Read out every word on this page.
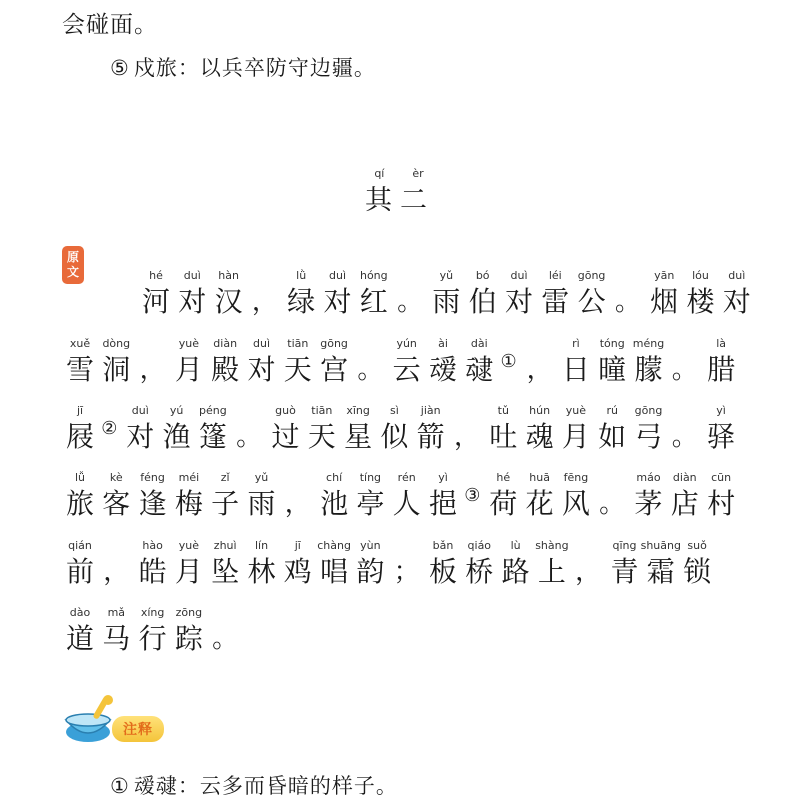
会碰面。
⑤ 戍旅：以兵卒防守边疆。
qí	èr
其二
原
文	hé
河
duì
对
hàn
汉 ，
lǜ
绿
duì
对
hóng
红 。
yǔ
雨
bó
伯
duì
对
léi
雷
gōng
公 。
yān
烟
lóu
楼
duì
对
xuě
雪
dòng
洞 ，
yuè
月
diàn
殿
duì
对
tiān
天
gōng
宫 。
yún
云
ài
叆
dài
叇 ① ，
rì
日
tóng
曈
méng
朦 。
là
腊
jī
屐 ②
duì
对
yú
渔
péng
篷 。
guò
过
tiān
天
xīng
星
sì
似
jiàn
箭 ，
tǔ
吐
hún
魂
yuè
月
rú
如
gōng
弓 。
yì
驿
lǚ
旅
kè
客
féng
逢
méi
梅
zǐ
子
yǔ
雨 ，
chí
池
tíng
亭
rén
人
yì
挹 ③
hé
荷
huā
花
fēng
风 。
máo
茅
diàn
店
cūn
村
qián
前 ，
hào
皓
yuè
月
zhuì
坠
lín
林
jī
鸡
chàng
唱
yùn
韵 ；
bǎn
板
qiáo
桥
lù
路
shàng
上 ，
qīng
青
shuāng
霜
suǒ
锁
dào
道
mǎ
马
xíng
行
zōng
踪 。
注释
① 叆叇：云多而昏暗的样子。
